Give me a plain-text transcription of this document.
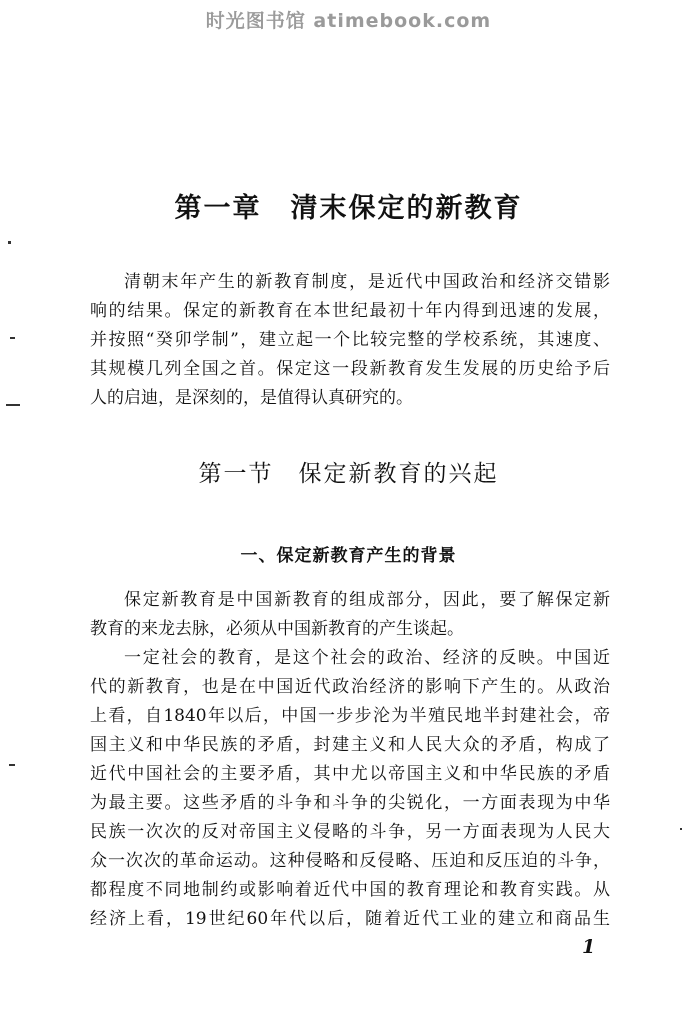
时光图书馆 atimebook.com
第一章　清末保定的新教育
清朝末年产生的新教育制度，是近代中国政治和经济交错影
响的结果。保定的新教育在本世纪最初十年内得到迅速的发展，
并按照“癸卯学制”，建立起一个比较完整的学校系统，其速度、
其规模几列全国之首。保定这一段新教育发生发展的历史给予后
人的启迪，是深刻的，是值得认真研究的。
第一节　保定新教育的兴起
一、保定新教育产生的背景
保定新教育是中国新教育的组成部分，因此，要了解保定新
教育的来龙去脉，必须从中国新教育的产生谈起。
一定社会的教育，是这个社会的政治、经济的反映。中国近
代的新教育，也是在中国近代政治经济的影响下产生的。从政治
上看，自1840年以后，中国一步步沦为半殖民地半封建社会，帝
国主义和中华民族的矛盾，封建主义和人民大众的矛盾，构成了
近代中国社会的主要矛盾，其中尤以帝国主义和中华民族的矛盾
为最主要。这些矛盾的斗争和斗争的尖锐化，一方面表现为中华
民族一次次的反对帝国主义侵略的斗争，另一方面表现为人民大
众一次次的革命运动。这种侵略和反侵略、压迫和反压迫的斗争，
都程度不同地制约或影响着近代中国的教育理论和教育实践。从
经济上看，19世纪60年代以后，随着近代工业的建立和商品生
1
